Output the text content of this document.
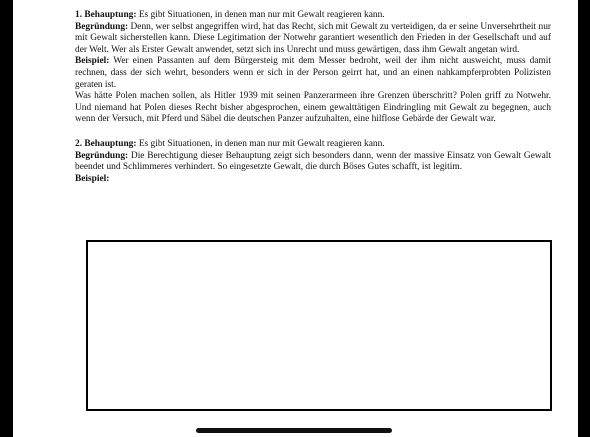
1. Behauptung: Es gibt Situationen, in denen man nur mit Gewalt reagieren kann.

Begründung: Denn, wer selbst angegriffen wird, hat das Recht, sich mit Gewalt zu verteidigen, da er seine Unversehrtheit nur mit Gewalt sicherstellen kann. Diese Legitimation der Notwehr garantiert wesentlich den Frieden in der Gesellschaft und auf der Welt. Wer als Erster Gewalt anwendet, setzt sich ins Unrecht und muss gewärtigen, dass ihm Gewalt angetan wird.

Beispiel: Wer einen Passanten auf dem Bürgersteig mit dem Messer bedroht, weil der ihm nicht ausweicht, muss damit rechnen, dass der sich wehrt, besonders wenn er sich in der Person geirrt hat, und an einen nahkampferprobten Polizisten geraten ist.

Was hätte Polen machen sollen, als Hitler 1939 mit seinen Panzerarmeen ihre Grenzen überschritt? Polen griff zu Notwehr. Und niemand hat Polen dieses Recht bisher abgesprochen, einem gewalttätigen Eindringling mit Gewalt zu begegnen, auch wenn der Versuch, mit Pferd und Säbel die deutschen Panzer aufzuhalten, eine hilflose Gebärde der Gewalt war.

2. Behauptung: Es gibt Situationen, in denen man nur mit Gewalt reagieren kann.

Begründung: Die Berechtigung dieser Behauptung zeigt sich besonders dann, wenn der massive Einsatz von Gewalt Gewalt beendet und Schlimmeres verhindert. So eingesetzte Gewalt, die durch Böses Gutes schafft, ist legitim.

Beispiel:
